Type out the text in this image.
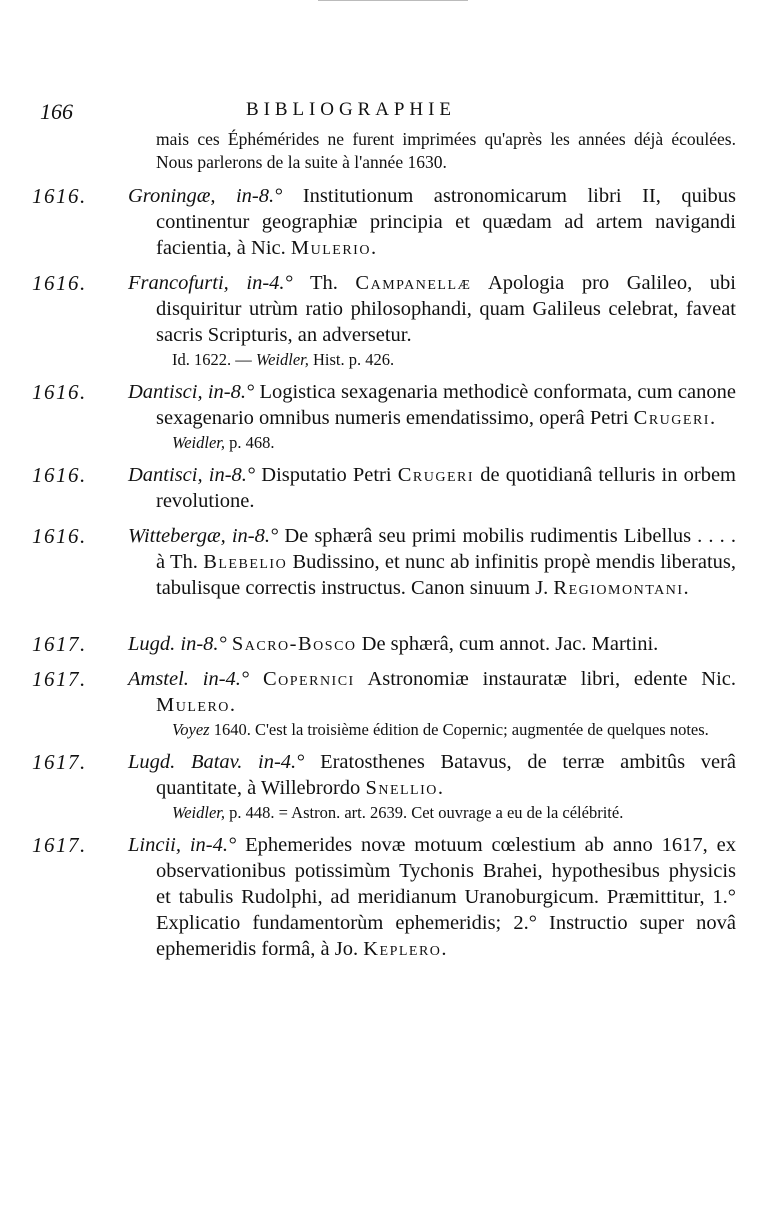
166	BIBLIOGRAPHIE
mais ces Éphémérides ne furent imprimées qu'après les années déjà écoulées. Nous parlerons de la suite à l'année 1630.
1616. Groningæ, in-8.° Institutionum astronomicarum libri II, quibus continentur geographiæ principia et quædam ad artem navigandi facientia, à Nic. Mulerio.
1616. Francofurti, in-4.° Th. Campanellæ Apologia pro Galileo, ubi disquiritur utrùm ratio philosophandi, quam Galileus celebrat, faveat sacris Scripturis, an adversetur.
Id. 1622. — Weidler, Hist. p. 426.
1616. Dantisci, in-8.° Logistica sexagenaria methodicè conformata, cum canone sexagenario omnibus numeris emendatissimo, operâ Petri Crugeri.
Weidler, p. 468.
1616. Dantisci, in-8.° Disputatio Petri Crugeri de quotidianâ telluris in orbem revolutione.
1616. Wittebergæ, in-8.° De sphærâ seu primi mobilis rudimentis Libellus . . . . à Th. Blebelio Budissino, et nunc ab infinitis propè mendis liberatus, tabulisque correctis instructus. Canon sinuum J. Regiomontani.
1617. Lugd. in-8.° Sacro-Bosco De sphærâ, cum annot. Jac. Martini.
1617. Amstel. in-4.° Copernici Astronomiæ instauratæ libri, edente Nic. Mulero.
Voyez 1640. C'est la troisième édition de Copernic; augmentée de quelques notes.
1617. Lugd. Batav. in-4.° Eratosthenes Batavus, de terræ ambitûs verâ quantitate, à Willebrordo Snellio.
Weidler, p. 448. = Astron. art. 2639. Cet ouvrage a eu de la célébrité.
1617. Lincii, in-4.° Ephemerides novæ motuum cœlestium ab anno 1617, ex observationibus potissimùm Tychonis Brahei, hypothesibus physicis et tabulis Rudolphi, ad meridianum Uranoburgicum. Præmittitur, 1.° Explicatio fundamentorùm ephemeridis; 2.° Instructio super novâ ephemeridis formâ, à Jo. Keplero.
